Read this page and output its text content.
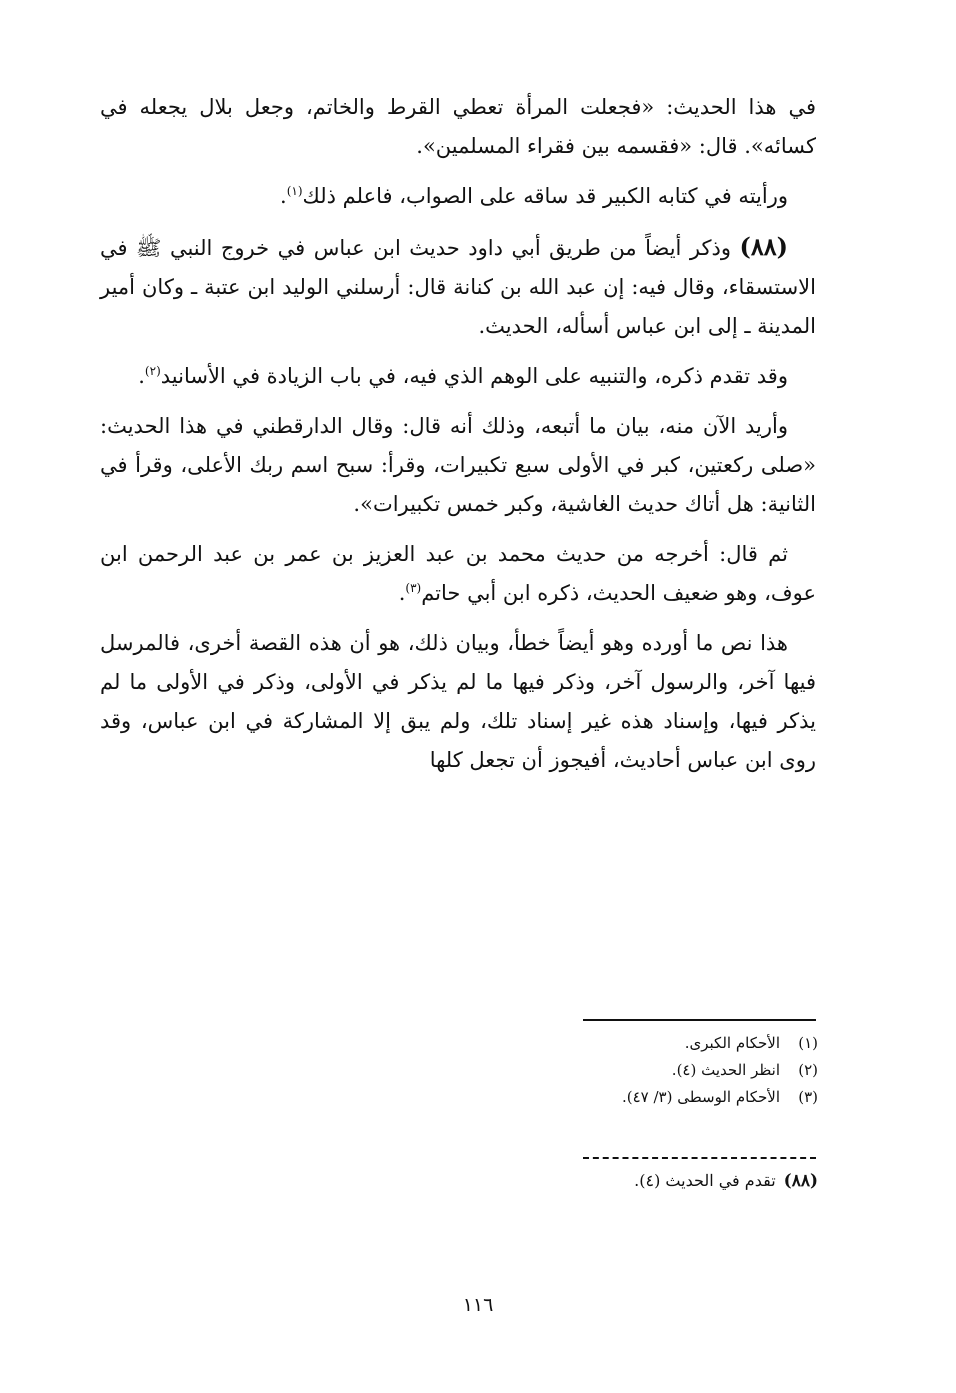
في هذا الحديث: «فجعلت المرأة تعطي القرط والخاتم، وجعل بلال يجعله في كسائه». قال: «فقسمه بين فقراء المسلمين».

ورأيته في كتابه الكبير قد ساقه على الصواب، فاعلم ذلك$^{(١)}$.

(٨٨) وذكر أيضاً من طريق أبي داود حديث ابن عباس في خروج النبي ﷺ في الاستسقاء، وقال فيه: إن عبد الله بن كنانة قال: أرسلني الوليد ابن عتبة ـ وكان أمير المدينة ـ إلى ابن عباس أسأله، الحديث.

وقد تقدم ذكره، والتنبيه على الوهم الذي فيه، في باب الزيادة في الأسانيد$^{(٢)}$.

وأريد الآن منه، بيان ما أتبعه، وذلك أنه قال: وقال الدارقطني في هذا الحديث: «صلى ركعتين، كبر في الأولى سبع تكبيرات، وقرأ: سبح اسم ربك الأعلى، وقرأ في الثانية: هل أتاك حديث الغاشية، وكبر خمس تكبيرات».

ثم قال: أخرجه من حديث محمد بن عبد العزيز بن عمر بن عبد الرحمن ابن عوف، وهو ضعيف الحديث، ذكره ابن أبي حاتم$^{(٣)}$.

هذا نص ما أورده وهو أيضاً خطأ، وبيان ذلك، هو أن هذه القصة أخرى، فالمرسل فيها آخر، والرسول آخر، وذكر فيها ما لم يذكر في الأولى، وذكر في الأولى ما لم يذكر فيها، وإسناد هذه غير إسناد تلك، ولم يبق إلا المشاركة في ابن عباس، وقد روى ابن عباس أحاديث، أفيجوز أن تجعل كلها

(١)الأحكام الكبرى.

(٢)انظر الحديث (٤).

(٣)الأحكام الوسطى (٣/ ٤٧).

(٨٨)تقدم في الحديث (٤).

١١٦
